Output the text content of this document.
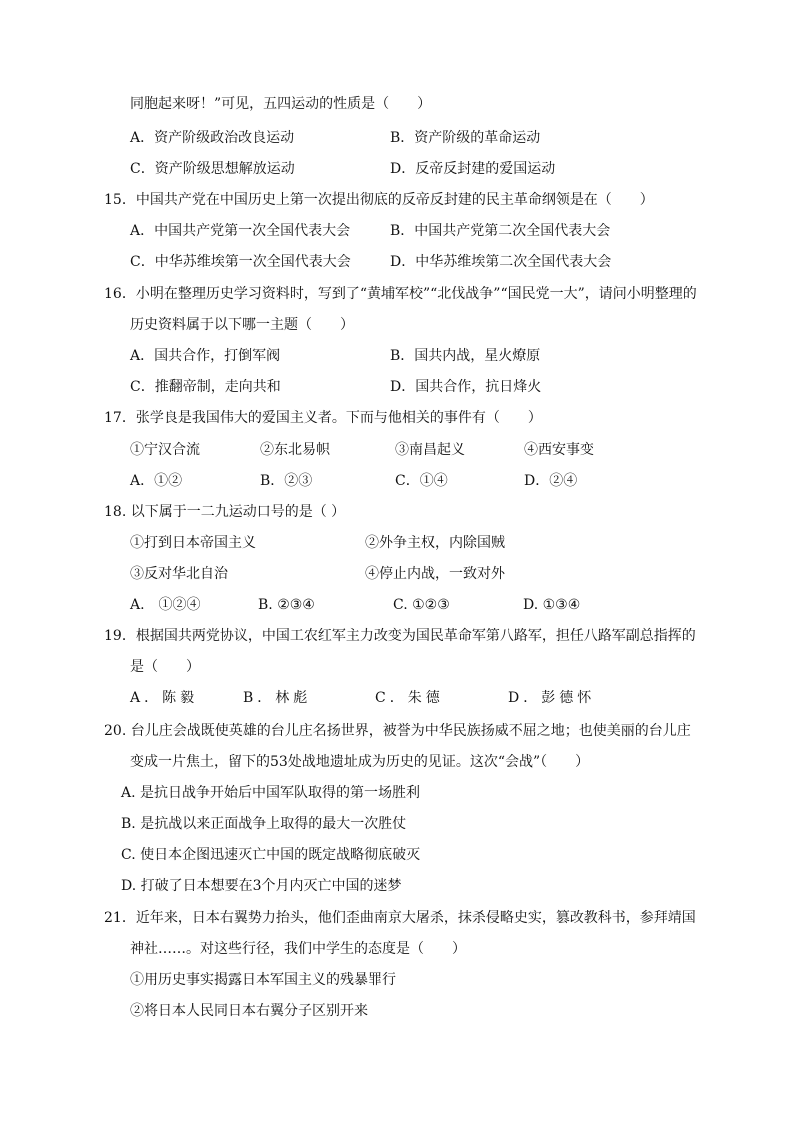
同胞起来呀！”可见，五四运动的性质是（　　）
A．资产阶级政治改良运动	B．资产阶级的革命运动
C．资产阶级思想解放运动	D．反帝反封建的爱国运动
15．中国共产党在中国历史上第一次提出彻底的反帝反封建的民主革命纲领是在（　　）
A．中国共产党第一次全国代表大会	B．中国共产党第二次全国代表大会
C．中华苏维埃第一次全国代表大会	D．中华苏维埃第二次全国代表大会
16．小明在整理历史学习资料时，写到了“黄埔军校”“北伐战争”“国民党一大”，请问小明整理的
历史资料属于以下哪一主题（　　）
A．国共合作，打倒军阀	B．国共内战，星火燎原
C．推翻帝制，走向共和	D．国共合作，抗日烽火
17．张学良是我国伟大的爱国主义者。下而与他相关的事件有（　　）
①宁汉合流	②东北易帜	③南昌起义	④西安事变
A．①②	B．②③	C．①④	D．②④
18. 以下属于一二九运动口号的是（ ）
①打到日本帝国主义	②外争主权，内除国贼
③反对华北自治	④停止内战，一致对外
A.　①②④	B. ②③④	C. ①②③	D. ①③④
19．根据国共两党协议，中国工农红军主力改变为国民革命军第八路军，担任八路军副总指挥的
是（　　）
A．陈毅	B．林彪	C．朱德	D．彭德怀
20. 台儿庄会战既使英雄的台儿庄名扬世界，被誉为中华民族扬威不屈之地；也使美丽的台儿庄
变成一片焦土，留下的53处战地遗址成为历史的见证。这次“会战”（　　）
A. 是抗日战争开始后中国军队取得的第一场胜利
B. 是抗战以来正面战争上取得的最大一次胜仗
C. 使日本企图迅速灭亡中国的既定战略彻底破灭
D. 打破了日本想要在3个月内灭亡中国的迷梦
21．近年来，日本右翼势力抬头，他们歪曲南京大屠杀，抹杀侵略史实，篡改教科书，参拜靖国
神社……。对这些行径，我们中学生的态度是（　　）
①用历史事实揭露日本军国主义的残暴罪行
②将日本人民同日本右翼分子区别开来
